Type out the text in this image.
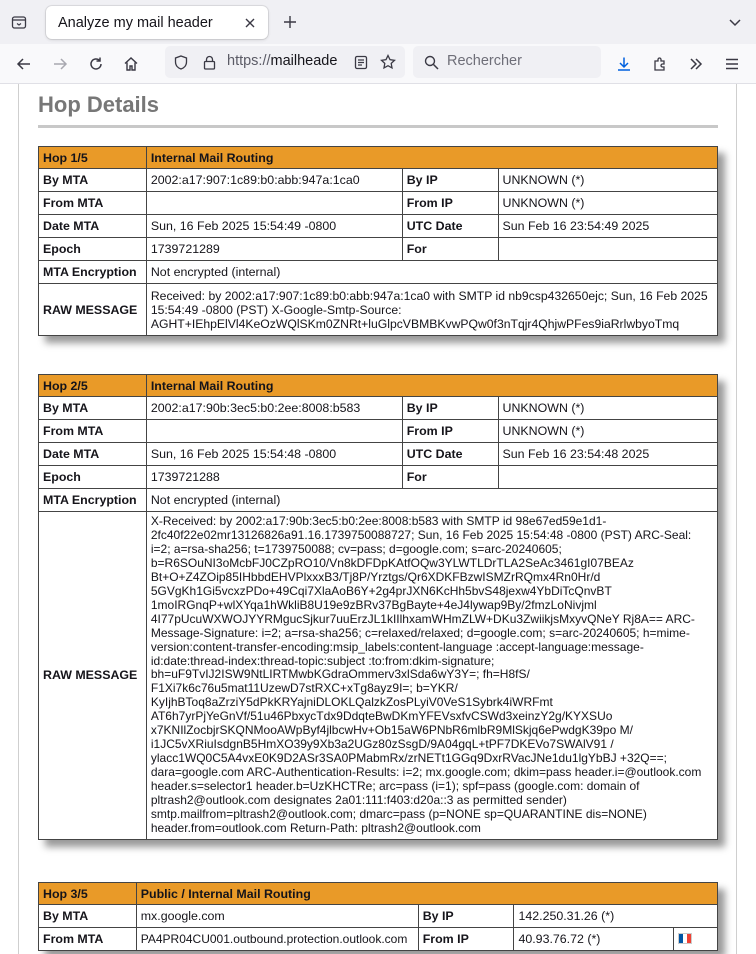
Analyze my mail header
https://mailheade	Rechercher
Hop Details
Hop 1/5	Internal Mail Routing		
By MTA	2002:a17:907:1c89:b0:abb:947a:1ca0	By IP	UNKNOWN (*)
From MTA		From IP	UNKNOWN (*)
Date MTA	Sun, 16 Feb 2025 15:54:49 -0800	UTC Date	Sun Feb 16 23:54:49 2025
Epoch	1739721289	For	
MTA Encryption	Not encrypted (internal)		
RAW MESSAGE	Received: by 2002:a17:907:1c89:b0:abb:947a:1ca0 with SMTP id nb9csp432650ejc; Sun, 16 Feb 2025 15:54:49 -0800 (PST) X-Google-Smtp-Source: AGHT+IEhpElVl4KeOzWQlSKm0ZNRt+luGlpcVBMBKvwPQw0f3nTqjr4QhjwPFes9iaRrlwbyoTmq		
Hop 2/5	Internal Mail Routing		
By MTA	2002:a17:90b:3ec5:b0:2ee:8008:b583	By IP	UNKNOWN (*)
From MTA		From IP	UNKNOWN (*)
Date MTA	Sun, 16 Feb 2025 15:54:48 -0800	UTC Date	Sun Feb 16 23:54:48 2025
Epoch	1739721288	For	
MTA Encryption	Not encrypted (internal)		
RAW MESSAGE	X-Received: by 2002:a17:90b:3ec5:b0:2ee:8008:b583 with SMTP id 98e67ed59e1d1-2fc40f22e02mr13126826a91.16.1739750088727; Sun, 16 Feb 2025 15:54:48 -0800 (PST) ARC-Seal: i=2; a=rsa-sha256; t=1739750088; cv=pass; d=google.com; s=arc-20240605; b=R6SOuNI3oMcbFJ0CZpRO10/Vn8kDFDpKAtfOQw3YLWTLDrTLA2SeAc3461gI07BEAz Bt+O+Z4ZOip85IHbbdEHVPlxxxB3/Tj8P/Yrztgs/Qr6XDKFBzwISMZrRQmx4Rn0Hr/d 5GVgKh1Gi5vcxzPDo+49Cqi7XlaAoB6Y+2g4prJXN6KcHh5bvS48jexw4YbDiTcQnvBT 1moIRGnqP+wlXYqa1hWkliB8U19e9zBRv37BgBayte+4eJ4lywap9By/2fmzLoNivjml 4I77pUcuWXWOJYYRMgucSjkur7uuErzJL1kIIlhxamWHmZLW+DKu3ZwiikjsMxyvQNeY Rj8A== ARC-Message-Signature: i=2; a=rsa-sha256; c=relaxed/relaxed; d=google.com; s=arc-20240605; h=mime-version:content-transfer-encoding:msip_labels:content-language :accept-language:message-id:date:thread-index:thread-topic:subject :to:from:dkim-signature; bh=uF9TvIJ2ISW9NtLIRTMwbKGdraOmmerv3xlSda6wY3Y=; fh=H8fS/ F1Xi7k6c76u5mat11UzewD7stRXC+xTg8ayz9I=; b=YKR/ KyIjhBToq8aZrziY5dPkKRYajniDLOKLQalzkZosPLyiV0VeS1Sybrk4iWRFmt AT6h7yrPjYeGnVf/51u46PbxycTdx9DdqteBwDKmYFEVsxfvCSWd3xeinzY2g/KYXSUo x7KNIlZocbjrSKQNMooAWpByf4jlbcwHv+Ob15aW6PNbR6mlbR9MlSkjq6ePwdgK39po M/ i1JC5vXRiuIsdgnB5HmXO39y9Xb3a2UGz80zSsgD/9A04gqL+tPF7DKEVo7SWAlV91 / ylacc1WQ0C5A4vxE0K9D2ASr3SA0PMabmRx/zrNETt1GGq9DxrRVacJNe1du1lgYbBJ +32Q==; dara=google.com ARC-Authentication-Results: i=2; mx.google.com; dkim=pass header.i=@outlook.com header.s=selector1 header.b=UzKHCTRe; arc=pass (i=1); spf=pass (google.com: domain of pltrash2@outlook.com designates 2a01:111:f403:d20a::3 as permitted sender) smtp.mailfrom=pltrash2@outlook.com; dmarc=pass (p=NONE sp=QUARANTINE dis=NONE) header.from=outlook.com Return-Path: pltrash2@outlook.com		
Hop 3/5	Public / Internal Mail Routing			
By MTA	mx.google.com	By IP	142.250.31.26 (*)	
From MTA	PA4PR04CU001.outbound.protection.outlook.com	From IP	40.93.76.72 (*)	
